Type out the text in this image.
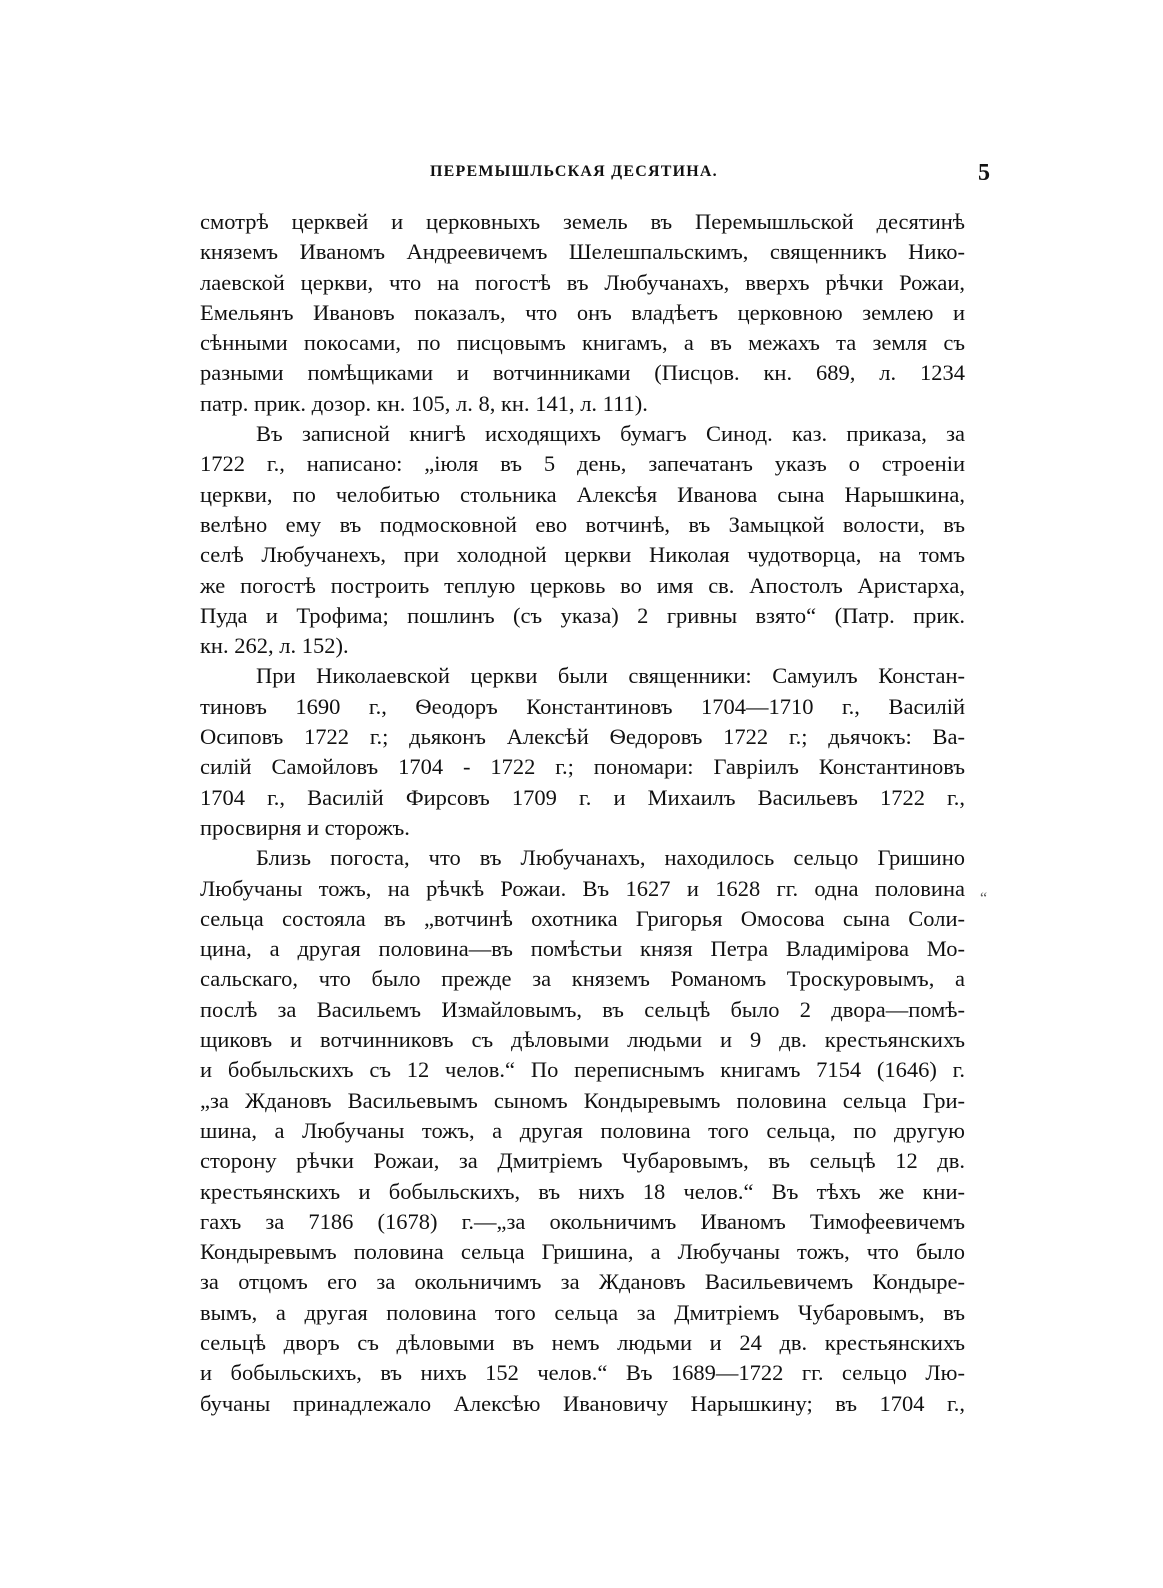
ПЕРЕМЫШЛЬСКАЯ ДЕСЯТИНА.	5
смотрѣ церквей и церковныхъ земель въ Перемышльской десятинѣ
княземъ Иваномъ Андреевичемъ Шелешпальскимъ, священникъ Нико-
лаевской церкви, что на погостѣ въ Любучанахъ, вверхъ рѣчки Рожаи,
Емельянъ Ивановъ показалъ, что онъ владѣетъ церковною землею и
сѣнными покосами, по писцовымъ книгамъ, а въ межахъ та земля съ
разными помѣщиками и вотчинниками (Писцов. кн. 689, л. 1234
патр. прик. дозор. кн. 105, л. 8, кн. 141, л. 111).
Въ записной книгѣ исходящихъ бумагъ Синод. каз. приказа, за
1722 г., написано: „іюля въ 5 день, запечатанъ указъ о строеніи
церкви, по челобитью стольника Алексѣя Иванова сына Нарышкина,
велѣно ему въ подмосковной ево вотчинѣ, въ Замыцкой волости, въ
селѣ Любучанехъ, при холодной церкви Николая чудотворца, на томъ
же погостѣ построить теплую церковь во имя св. Апостолъ Аристарха,
Пуда и Трофима; пошлинъ (съ указа) 2 гривны взято“ (Патр. прик.
кн. 262, л. 152).
При Николаевской церкви были священники: Самуилъ Констан-
тиновъ 1690 г., Ѳеодоръ Константиновъ 1704—1710 г., Василій
Осиповъ 1722 г.; дьяконъ Алексѣй Ѳедоровъ 1722 г.; дьячокъ: Ва-
силій Самойловъ 1704 - 1722 г.; пономари: Гавріилъ Константиновъ
1704 г., Василій Фирсовъ 1709 г. и Михаилъ Васильевъ 1722 г.,
просвирня и сторожъ.
Близь погоста, что въ Любучанахъ, находилось сельцо Гришино
Любучаны тожъ, на рѣчкѣ Рожаи. Въ 1627 и 1628 гг. одна половина
сельца состояла въ „вотчинѣ охотника Григорья Омосова сына Соли-
цина, а другая половина—въ помѣстьи князя Петра Владимірова Мо-
сальскаго, что было прежде за княземъ Романомъ Троскуровымъ, а
послѣ за Васильемъ Измайловымъ, въ сельцѣ было 2 двора—помѣ-
щиковъ и вотчинниковъ съ дѣловыми людьми и 9 дв. крестьянскихъ
и бобыльскихъ съ 12 челов.“ По переписнымъ книгамъ 7154 (1646) г.
„за Ждановъ Васильевымъ сыномъ Кондыревымъ половина сельца Гри-
шина, а Любучаны тожъ, а другая половина того сельца, по другую
сторону рѣчки Рожаи, за Дмитріемъ Чубаровымъ, въ сельцѣ 12 дв.
крестьянскихъ и бобыльскихъ, въ нихъ 18 челов.“ Въ тѣхъ же кни-
гахъ за 7186 (1678) г.—„за окольничимъ Иваномъ Тимофеевичемъ
Кондыревымъ половина сельца Гришина, а Любучаны тожъ, что было
за отцомъ его за окольничимъ за Ждановъ Васильевичемъ Кондыре-
вымъ, а другая половина того сельца за Дмитріемъ Чубаровымъ, въ
сельцѣ дворъ съ дѣловыми въ немъ людьми и 24 дв. крестьянскихъ
и бобыльскихъ, въ нихъ 152 челов.“ Въ 1689—1722 гг. сельцо Лю-
бучаны принадлежало Алексѣю Ивановичу Нарышкину; въ 1704 г.,
“
